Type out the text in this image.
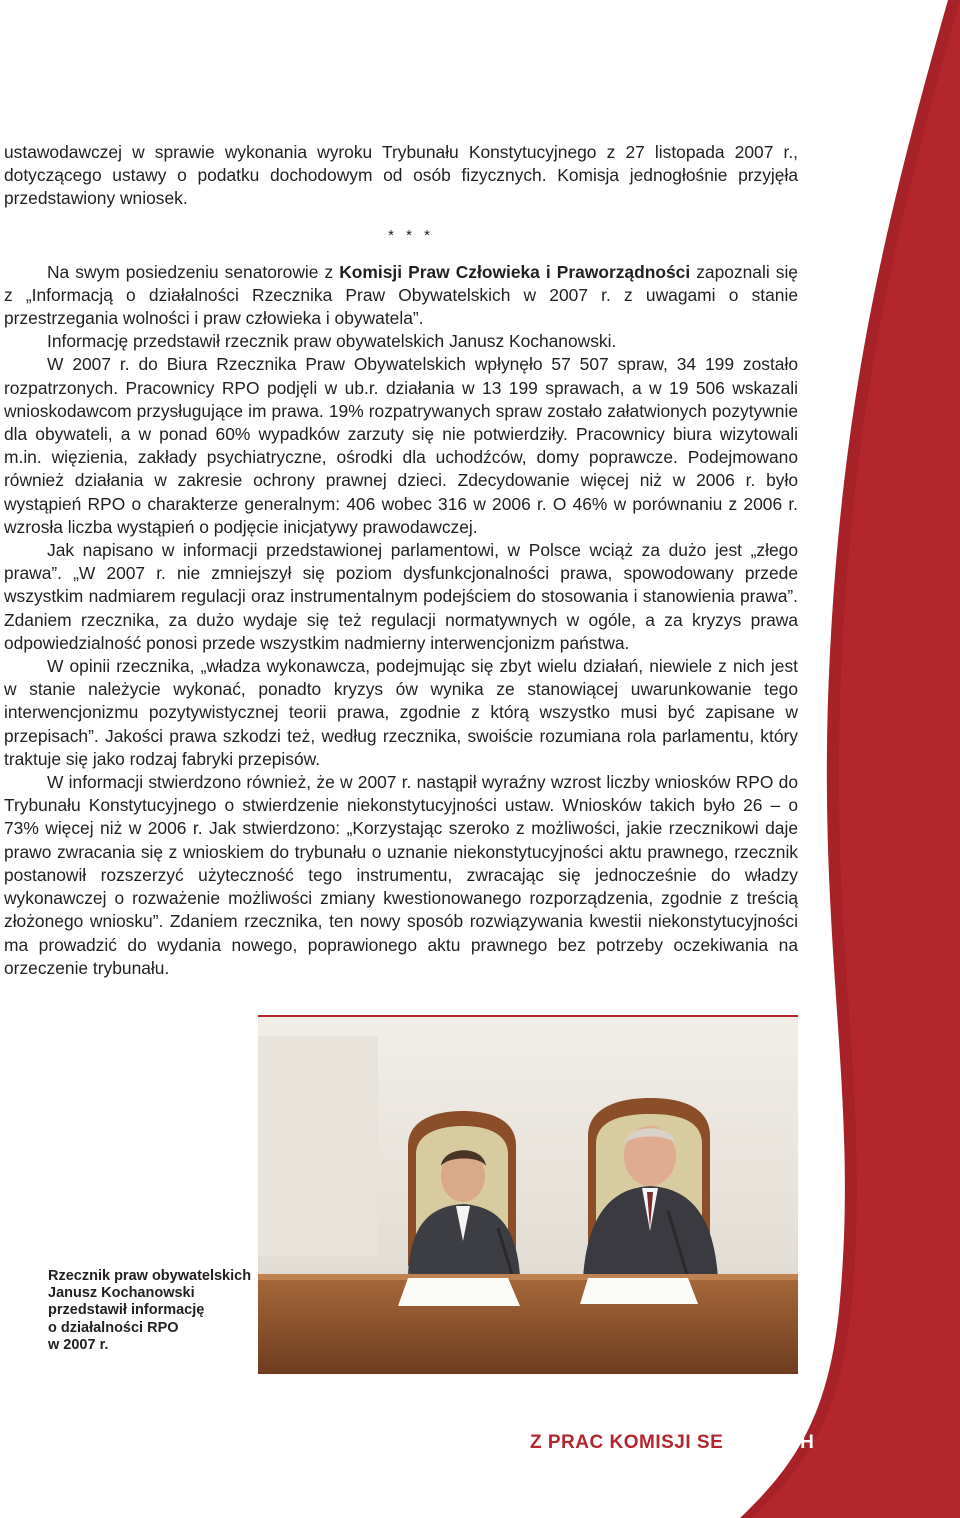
11

ustawodawczej w sprawie wykonania wyroku Trybunału Konstytucyjnego z 27 listopada 2007 r., dotyczącego ustawy o podatku dochodowym od osób fizycznych. Komisja jednogłośnie przyjęła przedstawiony wniosek.

* * *

Na swym posiedzeniu senatorowie z Komisji Praw Człowieka i Praworządności zapoznali się z „Informacją o działalności Rzecznika Praw Obywatelskich w 2007 r. z uwagami o stanie przestrzegania wolności i praw człowieka i obywatela”.

Informację przedstawił rzecznik praw obywatelskich Janusz Kochanowski.

W 2007 r. do Biura Rzecznika Praw Obywatelskich wpłynęło 57 507 spraw, 34 199 zostało rozpatrzonych. Pracownicy RPO podjęli w ub.r. działania w 13 199 sprawach, a w 19 506 wskazali wnioskodawcom przysługujące im prawa. 19% rozpatrywanych spraw zostało załatwionych pozytywnie dla obywateli, a w ponad 60% wypadków zarzuty się nie potwierdziły. Pracownicy biura wizytowali m.in. więzienia, zakłady psychiatryczne, ośrodki dla uchodźców, domy poprawcze. Podejmowano również działania w zakresie ochrony prawnej dzieci. Zdecydowanie więcej niż w 2006 r. było wystąpień RPO o charakterze generalnym: 406 wobec 316 w 2006 r. O 46% w porównaniu z 2006 r. wzrosła liczba wystąpień o podjęcie inicjatywy prawodawczej.

Jak napisano w informacji przedstawionej parlamentowi, w Polsce wciąż za dużo jest „złego prawa”. „W 2007 r. nie zmniejszył się poziom dysfunkcjonalności prawa, spowodowany przede wszystkim nadmiarem regulacji oraz instrumentalnym podejściem do stosowania i stanowienia prawa”. Zdaniem rzecznika, za dużo wydaje się też regulacji normatywnych w ogóle, a za kryzys prawa odpowiedzialność ponosi przede wszystkim nadmierny interwencjonizm państwa.

W opinii rzecznika, „władza wykonawcza, podejmując się zbyt wielu działań, niewiele z nich jest w stanie należycie wykonać, ponadto kryzys ów wynika ze stanowiącej uwarunkowanie tego interwencjonizmu pozytywistycznej teorii prawa, zgodnie z którą wszystko musi być zapisane w przepisach”. Jakości prawa szkodzi też, według rzecznika, swoiście rozumiana rola parlamentu, który traktuje się jako rodzaj fabryki przepisów.

W informacji stwierdzono również, że w 2007 r. nastąpił wyraźny wzrost liczby wniosków RPO do Trybunału Konstytucyjnego o stwierdzenie niekonstytucyjności ustaw. Wniosków takich było 26 – o 73% więcej niż w 2006 r. Jak stwierdzono: „Korzystając szeroko z możliwości, jakie rzecznikowi daje prawo zwracania się z wnioskiem do trybunału o uznanie niekonstytucyjności aktu prawnego, rzecznik postanowił rozszerzyć użyteczność tego instrumentu, zwracając się jednocześnie do władzy wykonawczej o rozważenie możliwości zmiany kwestionowanego rozporządzenia, zgodnie z treścią złożonego wniosku”. Zdaniem rzecznika, ten nowy sposób rozwiązywania kwestii niekonstytucyjności ma prowadzić do wydania nowego, poprawionego aktu prawnego bez potrzeby oczekiwania na orzeczenie trybunału.

Rzecznik praw obywatelskich
Janusz Kochanowski
przedstawił informację
o działalności RPO
w 2007 r.
Z PRAC KOMISJI SENACKICH
